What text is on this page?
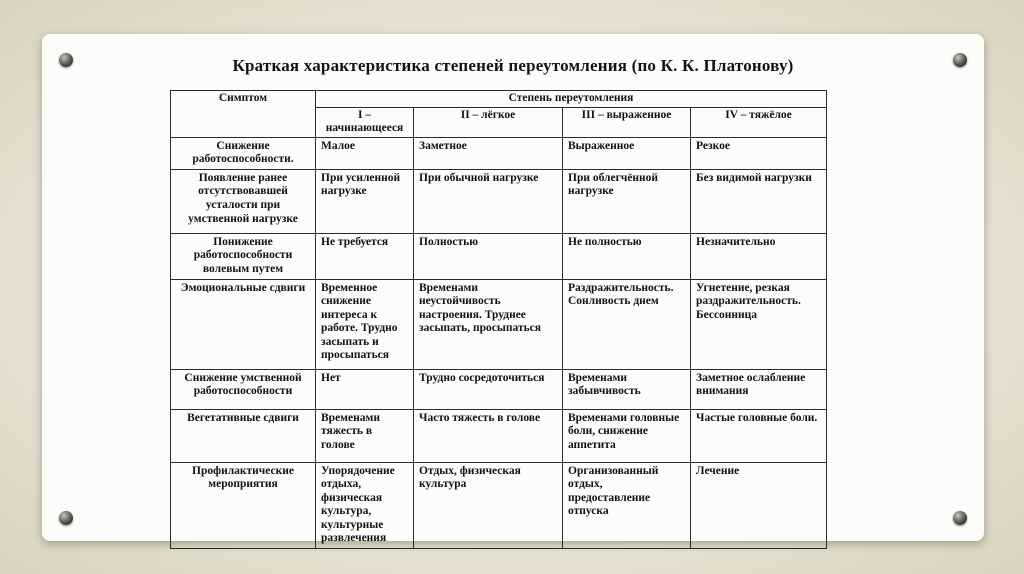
Краткая характеристика степеней переутомления (по К. К. Платонову)
Симптом	Степень переутомления			
	I – начинающееся	II – лёгкое	III – выраженное	IV – тяжёлое
Снижение работоспособности.	Малое	Заметное	Выраженное	Резкое
Появление ранее отсутствовавшей усталости при умственной нагрузке	При усиленной нагрузке	При обычной нагрузке	При облегчённой нагрузке	Без видимой нагрузки
Понижение работоспособности волевым путем	Не требуется	Полностью	Не полностью	Незначительно
Эмоциональные сдвиги	Временное снижение интереса к работе. Трудно засыпать и просыпаться	Временами неустойчивость настроения. Труднее засыпать, просыпаться	Раздражительность. Сонливость днем	Угнетение, резкая раздражительность. Бессонница
Снижение умственной работоспособности	Нет	Трудно сосредоточиться	Временами забывчивость	Заметное ослабление внимания
Вегетативные сдвиги	Временами тяжесть в голове	Часто тяжесть в голове	Временами головные боли, снижение аппетита	Частые головные боли.
Профилактические мероприятия	Упорядочение отдыха, физическая культура, культурные развлечения	Отдых, физическая культура	Организованный отдых, предоставление отпуска	Лечение
